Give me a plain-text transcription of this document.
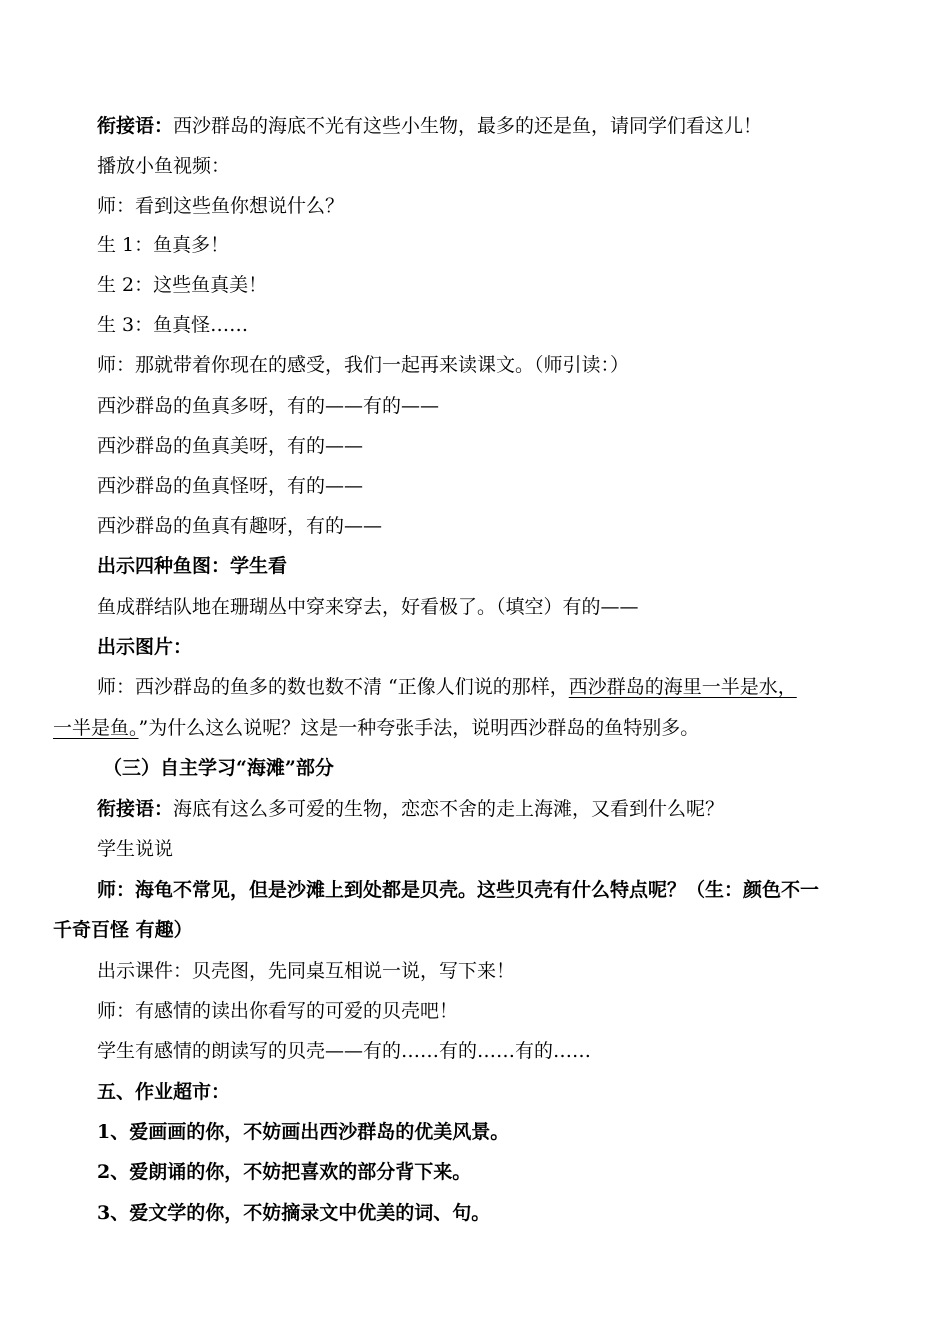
衔接语：西沙群岛的海底不光有这些小生物，最多的还是鱼，请同学们看这儿！
播放小鱼视频：
师：看到这些鱼你想说什么？
生 1：鱼真多！
生 2：这些鱼真美！
生 3：鱼真怪……
师：那就带着你现在的感受，我们一起再来读课文。（师引读：）
西沙群岛的鱼真多呀，有的——有的——
西沙群岛的鱼真美呀，有的——
西沙群岛的鱼真怪呀，有的——
西沙群岛的鱼真有趣呀，有的——
出示四种鱼图：学生看
鱼成群结队地在珊瑚丛中穿来穿去，好看极了。（填空）有的——
出示图片：
师：西沙群岛的鱼多的数也数不清 “正像人们说的那样，西沙群岛的海里一半是水，
一半是鱼。”为什么这么说呢？这是一种夸张手法，说明西沙群岛的鱼特别多。
（三）自主学习“海滩”部分
衔接语：海底有这么多可爱的生物，恋恋不舍的走上海滩，又看到什么呢？
学生说说
师：海龟不常见，但是沙滩上到处都是贝壳。这些贝壳有什么特点呢？（生：颜色不一
千奇百怪 有趣）
出示课件：贝壳图，先同桌互相说一说，写下来！
师：有感情的读出你看写的可爱的贝壳吧！
学生有感情的朗读写的贝壳——有的……有的……有的……
五、作业超市：
1、爱画画的你，不妨画出西沙群岛的优美风景。
2、爱朗诵的你，不妨把喜欢的部分背下来。
3、爱文学的你，不妨摘录文中优美的词、句。
